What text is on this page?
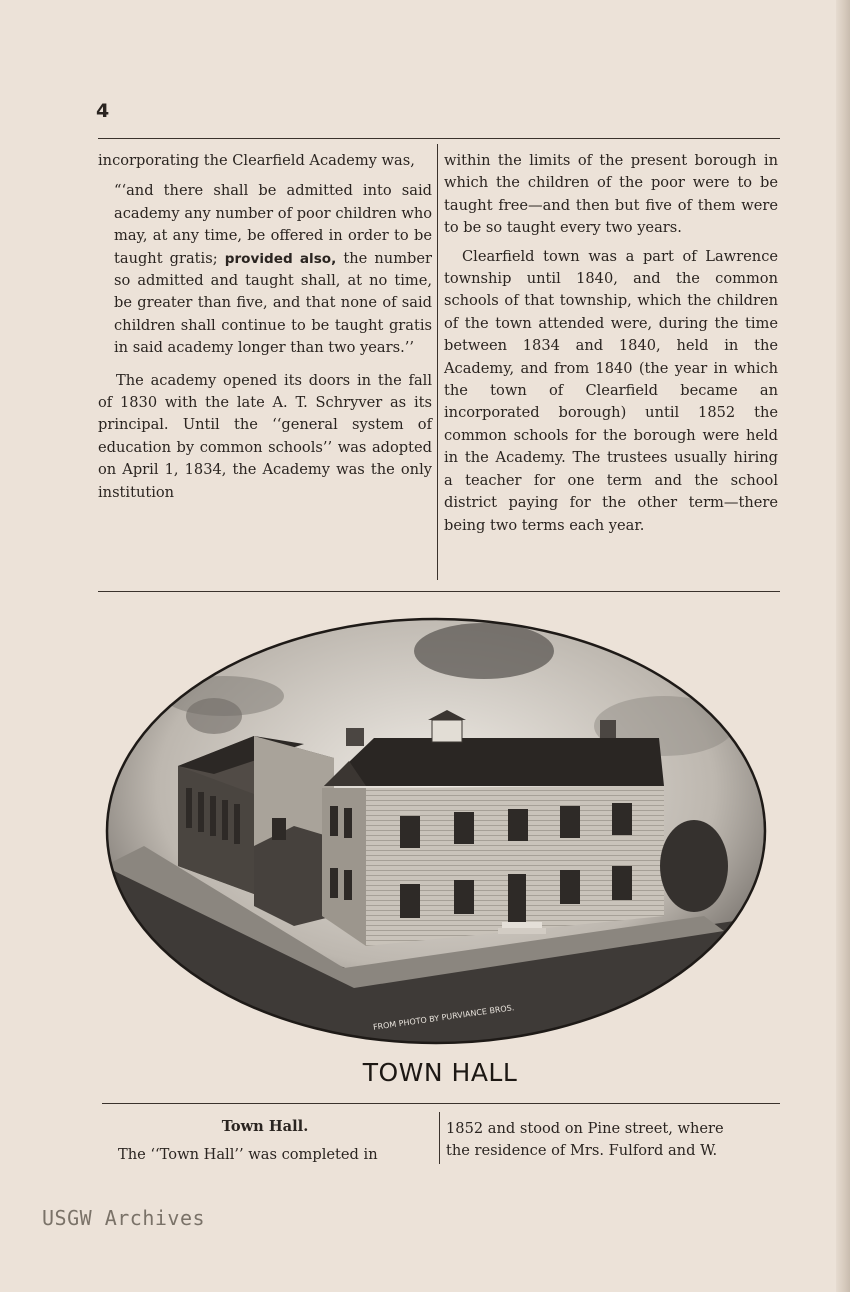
4

incorporating the Clearfield Academy was,

“‘and there shall be admitted into said academy any number of poor children who may, at any time, be offered in order to be taught gratis; provided also, the number so admitted and taught shall, at no time, be greater than five, and that none of said children shall continue to be taught gratis in said academy longer than two years.’’

The academy opened its doors in the fall of 1830 with the late A. T. Schryver as its principal. Until the ‘‘general system of education by common schools’’ was adopted on April 1, 1834, the Academy was the only institution

within the limits of the present borough in which the children of the poor were to be taught free—and then but five of them were to be so taught every two years.

Clearfield town was a part of Lawrence township until 1840, and the common schools of that township, which the children of the town attended were, during the time between 1834 and 1840, held in the Academy, and from 1840 (the year in which the town of Clearfield became an incorporated borough) until 1852 the common schools for the borough were held in the Academy. The trustees usually hiring a teacher for one term and the school district paying for the other term—there being two terms each year.

FROM PHOTO BY PURVIANCE BROS.
TOWN HALL
Town Hall.
The ‘‘Town Hall’’ was completed in
1852 and stood on Pine street, where
the residence of Mrs. Fulford and W.
USGW Archives
